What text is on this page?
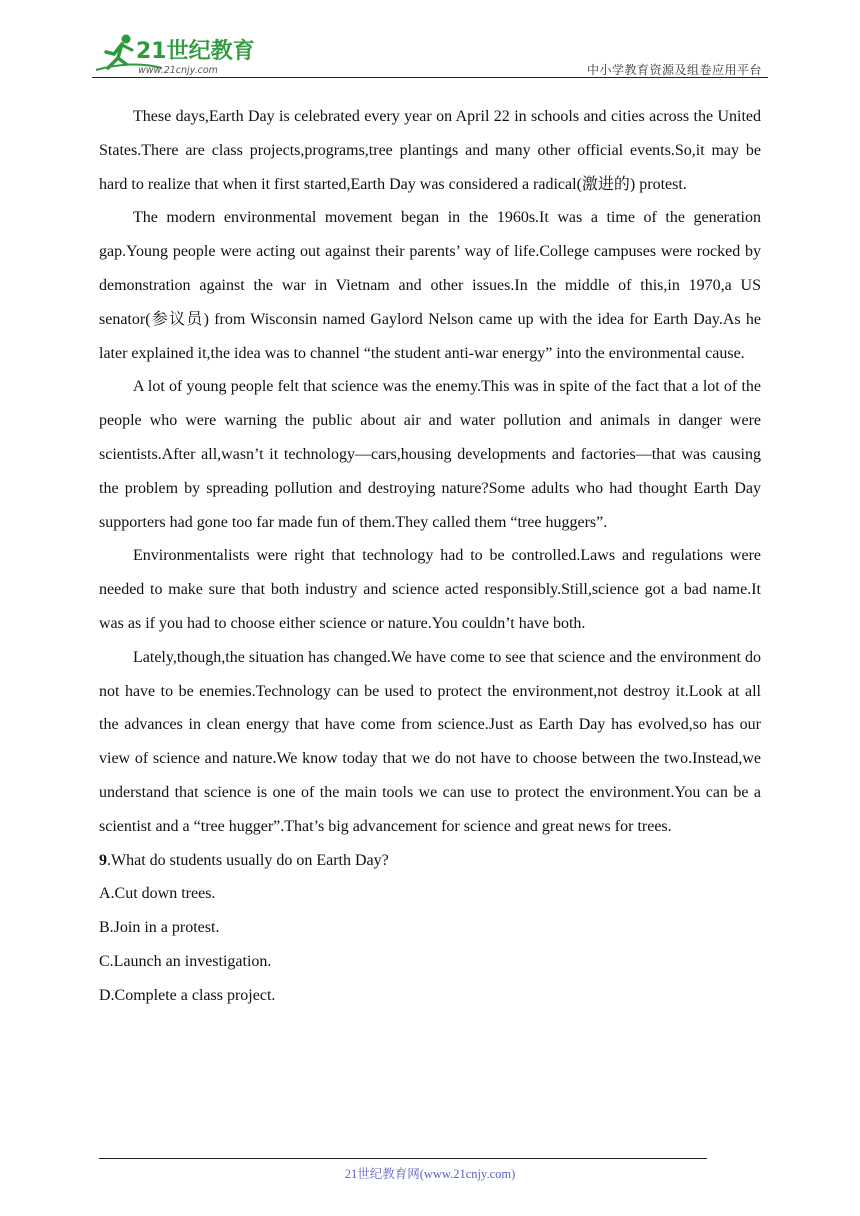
21世纪教育
www.21cnjy.com	中小学教育资源及组卷应用平台

These days,Earth Day is celebrated every year on April 22 in schools and cities across the United States.There are class projects,programs,tree plantings and many other official events.So,it may be hard to realize that when it first started,Earth Day was considered a radical(激进的) protest.

The modern environmental movement began in the 1960s.It was a time of the generation gap.Young people were acting out against their parents’ way of life.College campuses were rocked by demonstration against the war in Vietnam and other issues.In the middle of this,in 1970,a US senator(参议员) from Wisconsin named Gaylord Nelson came up with the idea for Earth Day.As he later explained it,the idea was to channel “the student anti-war energy” into the environmental cause.

A lot of young people felt that science was the enemy.This was in spite of the fact that a lot of the people who were warning the public about air and water pollution and animals in danger were scientists.After all,wasn’t it technology—cars,housing developments and factories—that was causing the problem by spreading pollution and destroying nature?Some adults who had thought Earth Day supporters had gone too far made fun of them.They called them “tree huggers”.

Environmentalists were right that technology had to be controlled.Laws and regulations were needed to make sure that both industry and science acted responsibly.Still,science got a bad name.It was as if you had to choose either science or nature.You couldn’t have both.

Lately,though,the situation has changed.We have come to see that science and the environment do not have to be enemies.Technology can be used to protect the environment,not destroy it.Look at all the advances in clean energy that have come from science.Just as Earth Day has evolved,so has our view of science and nature.We know today that we do not have to choose between the two.Instead,we understand that science is one of the main tools we can use to protect the environment.You can be a scientist and a “tree hugger”.That’s big advancement for science and great news for trees.

9.What do students usually do on Earth Day?

A.Cut down trees.

B.Join in a protest.

C.Launch an investigation.

D.Complete a class project.

21世纪教育网(www.21cnjy.com)
